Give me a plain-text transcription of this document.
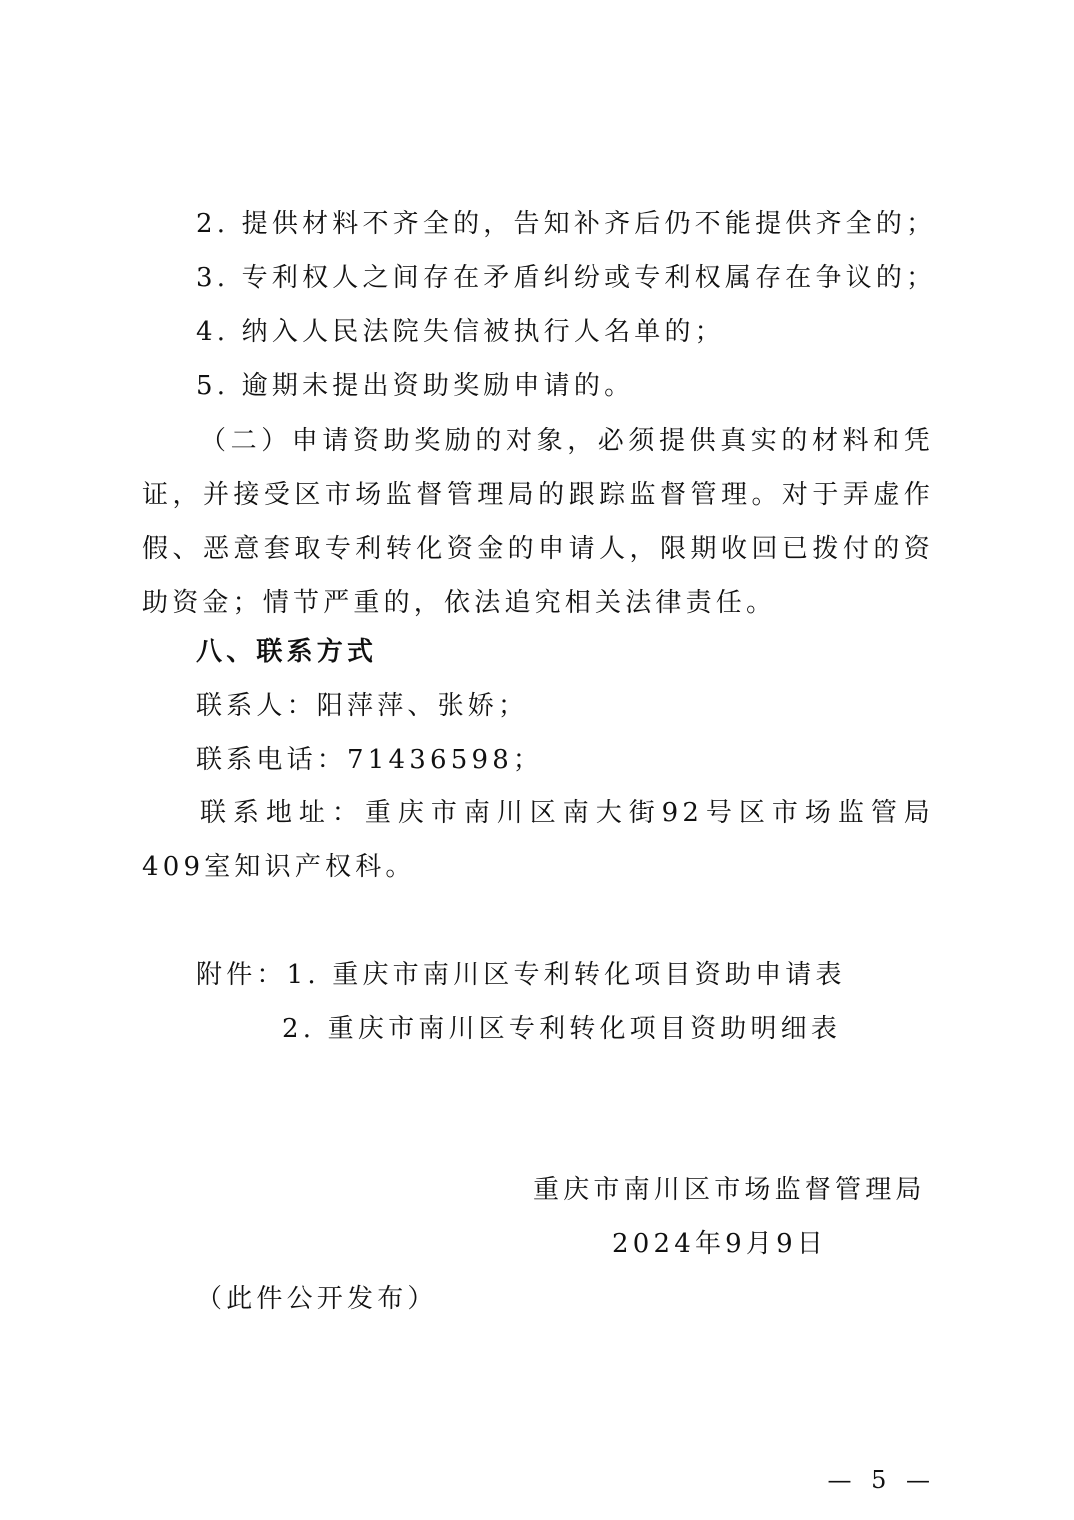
2. 提供材料不齐全的，告知补齐后仍不能提供齐全的；
3. 专利权人之间存在矛盾纠纷或专利权属存在争议的；
4. 纳入人民法院失信被执行人名单的；
5. 逾期未提出资助奖励申请的。

（二）申请资助奖励的对象，必须提供真实的材料和凭证，并接受区市场监督管理局的跟踪监督管理。对于弄虚作假、恶意套取专利转化资金的申请人，限期收回已拨付的资助资金；情节严重的，依法追究相关法律责任。

八、联系方式
联系人：阳萍萍、张娇；
联系电话：71436598；

联系地址：重庆市南川区南大街92号区市场监管局409室知识产权科。

附件：1. 重庆市南川区专利转化项目资助申请表
2. 重庆市南川区专利转化项目资助明细表
重庆市南川区市场监督管理局
2024年9月9日
（此件公开发布）
— 5 —
